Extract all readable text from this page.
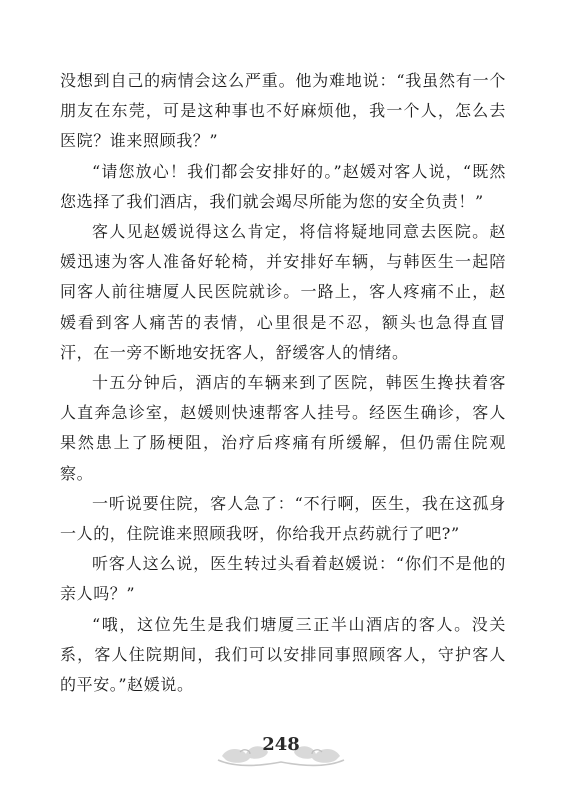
没想到自己的病情会这么严重。他为难地说：“我虽然有一个朋友在东莞，可是这种事也不好麻烦他，我一个人，怎么去医院？谁来照顾我？”

“请您放心！我们都会安排好的。”赵媛对客人说，“既然您选择了我们酒店，我们就会竭尽所能为您的安全负责！”

客人见赵媛说得这么肯定，将信将疑地同意去医院。赵媛迅速为客人准备好轮椅，并安排好车辆，与韩医生一起陪同客人前往塘厦人民医院就诊。一路上，客人疼痛不止，赵媛看到客人痛苦的表情，心里很是不忍，额头也急得直冒汗，在一旁不断地安抚客人，舒缓客人的情绪。

十五分钟后，酒店的车辆来到了医院，韩医生搀扶着客人直奔急诊室，赵媛则快速帮客人挂号。经医生确诊，客人果然患上了肠梗阻，治疗后疼痛有所缓解，但仍需住院观察。

一听说要住院，客人急了：“不行啊，医生，我在这孤身一人的，住院谁来照顾我呀，你给我开点药就行了吧?”

听客人这么说，医生转过头看着赵媛说：“你们不是他的亲人吗？”

“哦，这位先生是我们塘厦三正半山酒店的客人。没关系，客人住院期间，我们可以安排同事照顾客人，守护客人的平安。”赵媛说。

248
